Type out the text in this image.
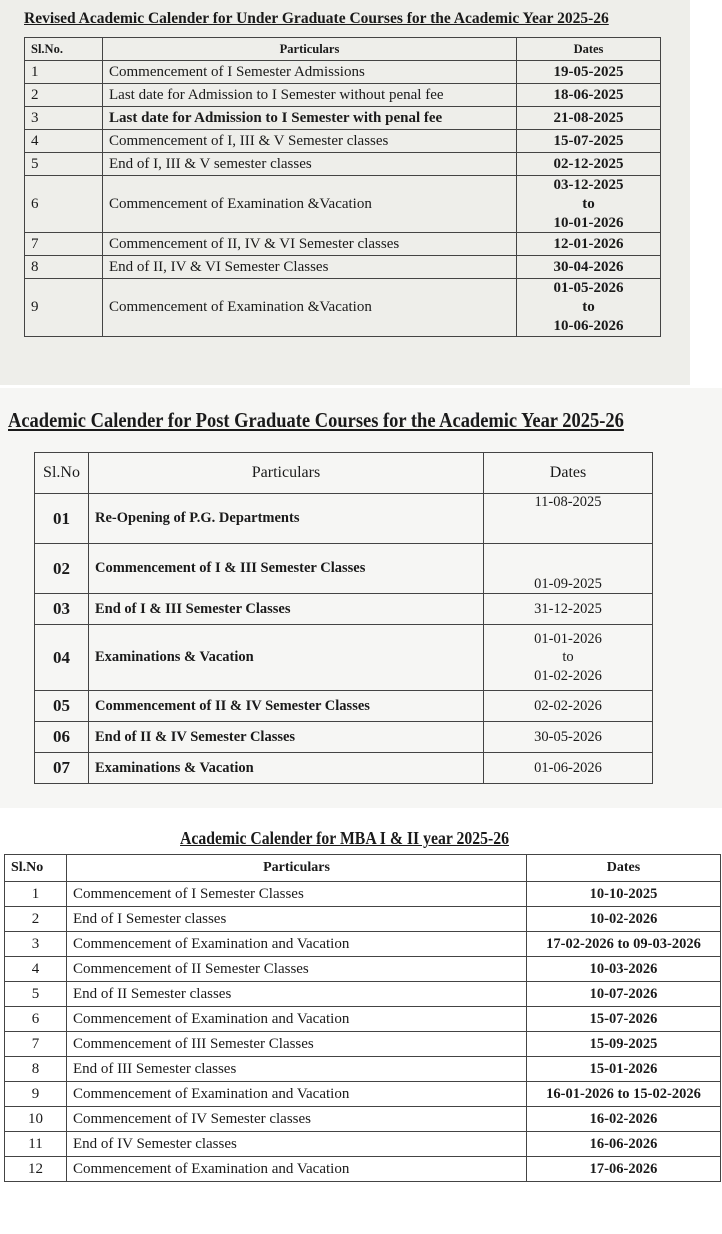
Revised Academic Calender for Under Graduate Courses for the Academic Year 2025-26
Sl.No.	Particulars	Dates
1	Commencement of I Semester Admissions	19-05-2025
2	Last date for Admission to I Semester without penal fee	18-06-2025
3	Last date for Admission to I Semester with penal fee	21-08-2025
4	Commencement of I, III & V Semester classes	15-07-2025
5	End of I, III & V semester classes	02-12-2025
6	Commencement of Examination &Vacation	03-12-2025
to
10-01-2026

7	Commencement of II, IV & VI Semester classes	12-01-2026
8	End of II, IV & VI Semester Classes	30-04-2026
9	Commencement of Examination &Vacation	01-05-2026
to
10-06-2026
Academic Calender for Post Graduate Courses for the Academic Year 2025-26
Sl.No	Particulars	Dates
01	Re-Opening of P.G. Departments	11-08-2025
02	Commencement of I & III Semester Classes	01-09-2025
03	End of I & III Semester Classes	31-12-2025
04	Examinations & Vacation	01-01-2026
to
01-02-2026

05	Commencement of II & IV Semester Classes	02-02-2026
06	End of II & IV Semester Classes	30-05-2026
07	Examinations & Vacation	01-06-2026
Academic Calender for MBA I & II year 2025-26
Sl.No	Particulars	Dates
1	Commencement of I Semester Classes	10-10-2025
2	End of I Semester classes	10-02-2026
3	Commencement of Examination and Vacation	17-02-2026 to 09-03-2026
4	Commencement of II Semester Classes	10-03-2026
5	End of II Semester classes	10-07-2026
6	Commencement of Examination and Vacation	15-07-2026
7	Commencement of III Semester Classes	15-09-2025
8	End of III Semester classes	15-01-2026
9	Commencement of Examination and Vacation	16-01-2026 to 15-02-2026
10	Commencement of IV Semester classes	16-02-2026
11	End of IV Semester classes	16-06-2026
12	Commencement of Examination and Vacation	17-06-2026
